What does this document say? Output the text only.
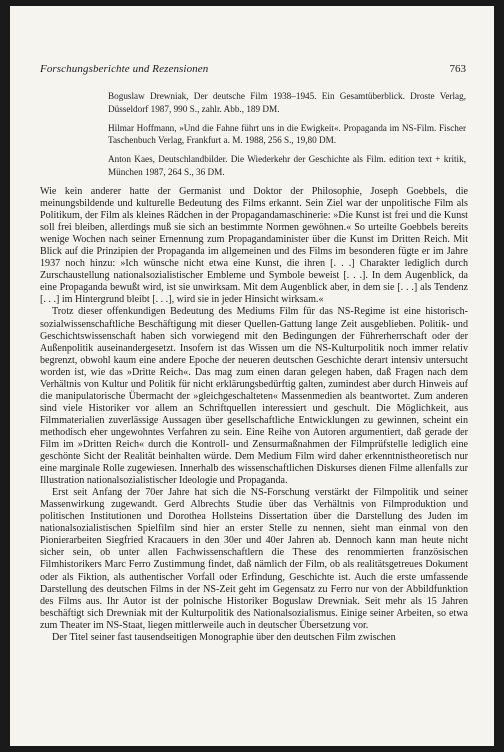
Forschungsberichte und Rezensionen	763

Boguslaw Drewniak, Der deutsche Film 1938–1945. Ein Gesamtüberblick. Droste Verlag, Düsseldorf 1987, 990 S., zahlr. Abb., 189 DM.

Hilmar Hoffmann, »Und die Fahne führt uns in die Ewigkeit«. Propaganda im NS-Film. Fischer Taschenbuch Verlag, Frankfurt a. M. 1988, 256 S., 19,80 DM.

Anton Kaes, Deutschlandbilder. Die Wiederkehr der Geschichte als Film. edition text + kritik, München 1987, 264 S., 36 DM.

Wie kein anderer hatte der Germanist und Doktor der Philosophie, Joseph Goebbels, die meinungsbildende und kulturelle Bedeutung des Films erkannt. Sein Ziel war der unpolitische Film als Politikum, der Film als kleines Rädchen in der Propagandamaschinerie: »Die Kunst ist frei und die Kunst soll frei bleiben, allerdings muß sie sich an bestimmte Normen gewöhnen.« So urteilte Goebbels bereits wenige Wochen nach seiner Ernennung zum Propagandaminister über die Kunst im Dritten Reich. Mit Blick auf die Prinzipien der Propaganda im allgemeinen und des Films im besonderen fügte er im Jahre 1937 noch hinzu: »Ich wünsche nicht etwa eine Kunst, die ihren [. . .] Charakter lediglich durch Zurschaustellung nationalsozialistischer Embleme und Symbole beweist [. . .]. In dem Augenblick, da eine Propaganda bewußt wird, ist sie unwirksam. Mit dem Augenblick aber, in dem sie [. . .] als Tendenz [. . .] im Hintergrund bleibt [. . .], wird sie in jeder Hinsicht wirksam.«

Trotz dieser offenkundigen Bedeutung des Mediums Film für das NS-Regime ist eine historisch-sozialwissenschaftliche Beschäftigung mit dieser Quellen-Gattung lange Zeit ausgeblieben. Politik- und Geschichtswissenschaft haben sich vorwiegend mit den Bedingungen der Führerherrschaft oder der Außenpolitik auseinandergesetzt. Insofern ist das Wissen um die NS-Kulturpolitik noch immer relativ begrenzt, obwohl kaum eine andere Epoche der neueren deutschen Geschichte derart intensiv untersucht worden ist, wie das »Dritte Reich«. Das mag zum einen daran gelegen haben, daß Fragen nach dem Verhältnis von Kultur und Politik für nicht erklärungsbedürftig galten, zumindest aber durch Hinweis auf die manipulatorische Übermacht der »gleichgeschalteten« Massenmedien als beantwortet. Zum anderen sind viele Historiker vor allem an Schriftquellen interessiert und geschult. Die Möglichkeit, aus Filmmaterialien zuverlässige Aussagen über gesellschaftliche Entwicklungen zu gewinnen, scheint ein methodisch eher ungewohntes Verfahren zu sein. Eine Reihe von Autoren argumentiert, daß gerade der Film im »Dritten Reich« durch die Kontroll- und Zensurmaßnahmen der Filmprüfstelle lediglich eine geschönte Sicht der Realität beinhalten würde. Dem Medium Film wird daher erkenntnistheoretisch nur eine marginale Rolle zugewiesen. Innerhalb des wissenschaftlichen Diskurses dienen Filme allenfalls zur Illustration nationalsozialistischer Ideologie und Propaganda.

Erst seit Anfang der 70er Jahre hat sich die NS-Forschung verstärkt der Filmpolitik und seiner Massenwirkung zugewandt. Gerd Albrechts Studie über das Verhältnis von Filmproduktion und politischen Institutionen und Dorothea Hollsteins Dissertation über die Darstellung des Juden im nationalsozialistischen Spielfilm sind hier an erster Stelle zu nennen, sieht man einmal von den Pionierarbeiten Siegfried Kracauers in den 30er und 40er Jahren ab. Dennoch kann man heute nicht sicher sein, ob unter allen Fachwissenschaftlern die These des renommierten französischen Filmhistorikers Marc Ferro Zustimmung findet, daß nämlich der Film, ob als realitätsgetreues Dokument oder als Fiktion, als authentischer Vorfall oder Erfindung, Geschichte ist. Auch die erste umfassende Darstellung des deutschen Films in der NS-Zeit geht im Gegensatz zu Ferro nur von der Abbildfunktion des Films aus. Ihr Autor ist der polnische Historiker Boguslaw Drewniak. Seit mehr als 15 Jahren beschäftigt sich Drewniak mit der Kulturpolitik des Nationalsozialismus. Einige seiner Arbeiten, so etwa zum Theater im NS-Staat, liegen mittlerweile auch in deutscher Übersetzung vor.

Der Titel seiner fast tausendseitigen Monographie über den deutschen Film zwischen
